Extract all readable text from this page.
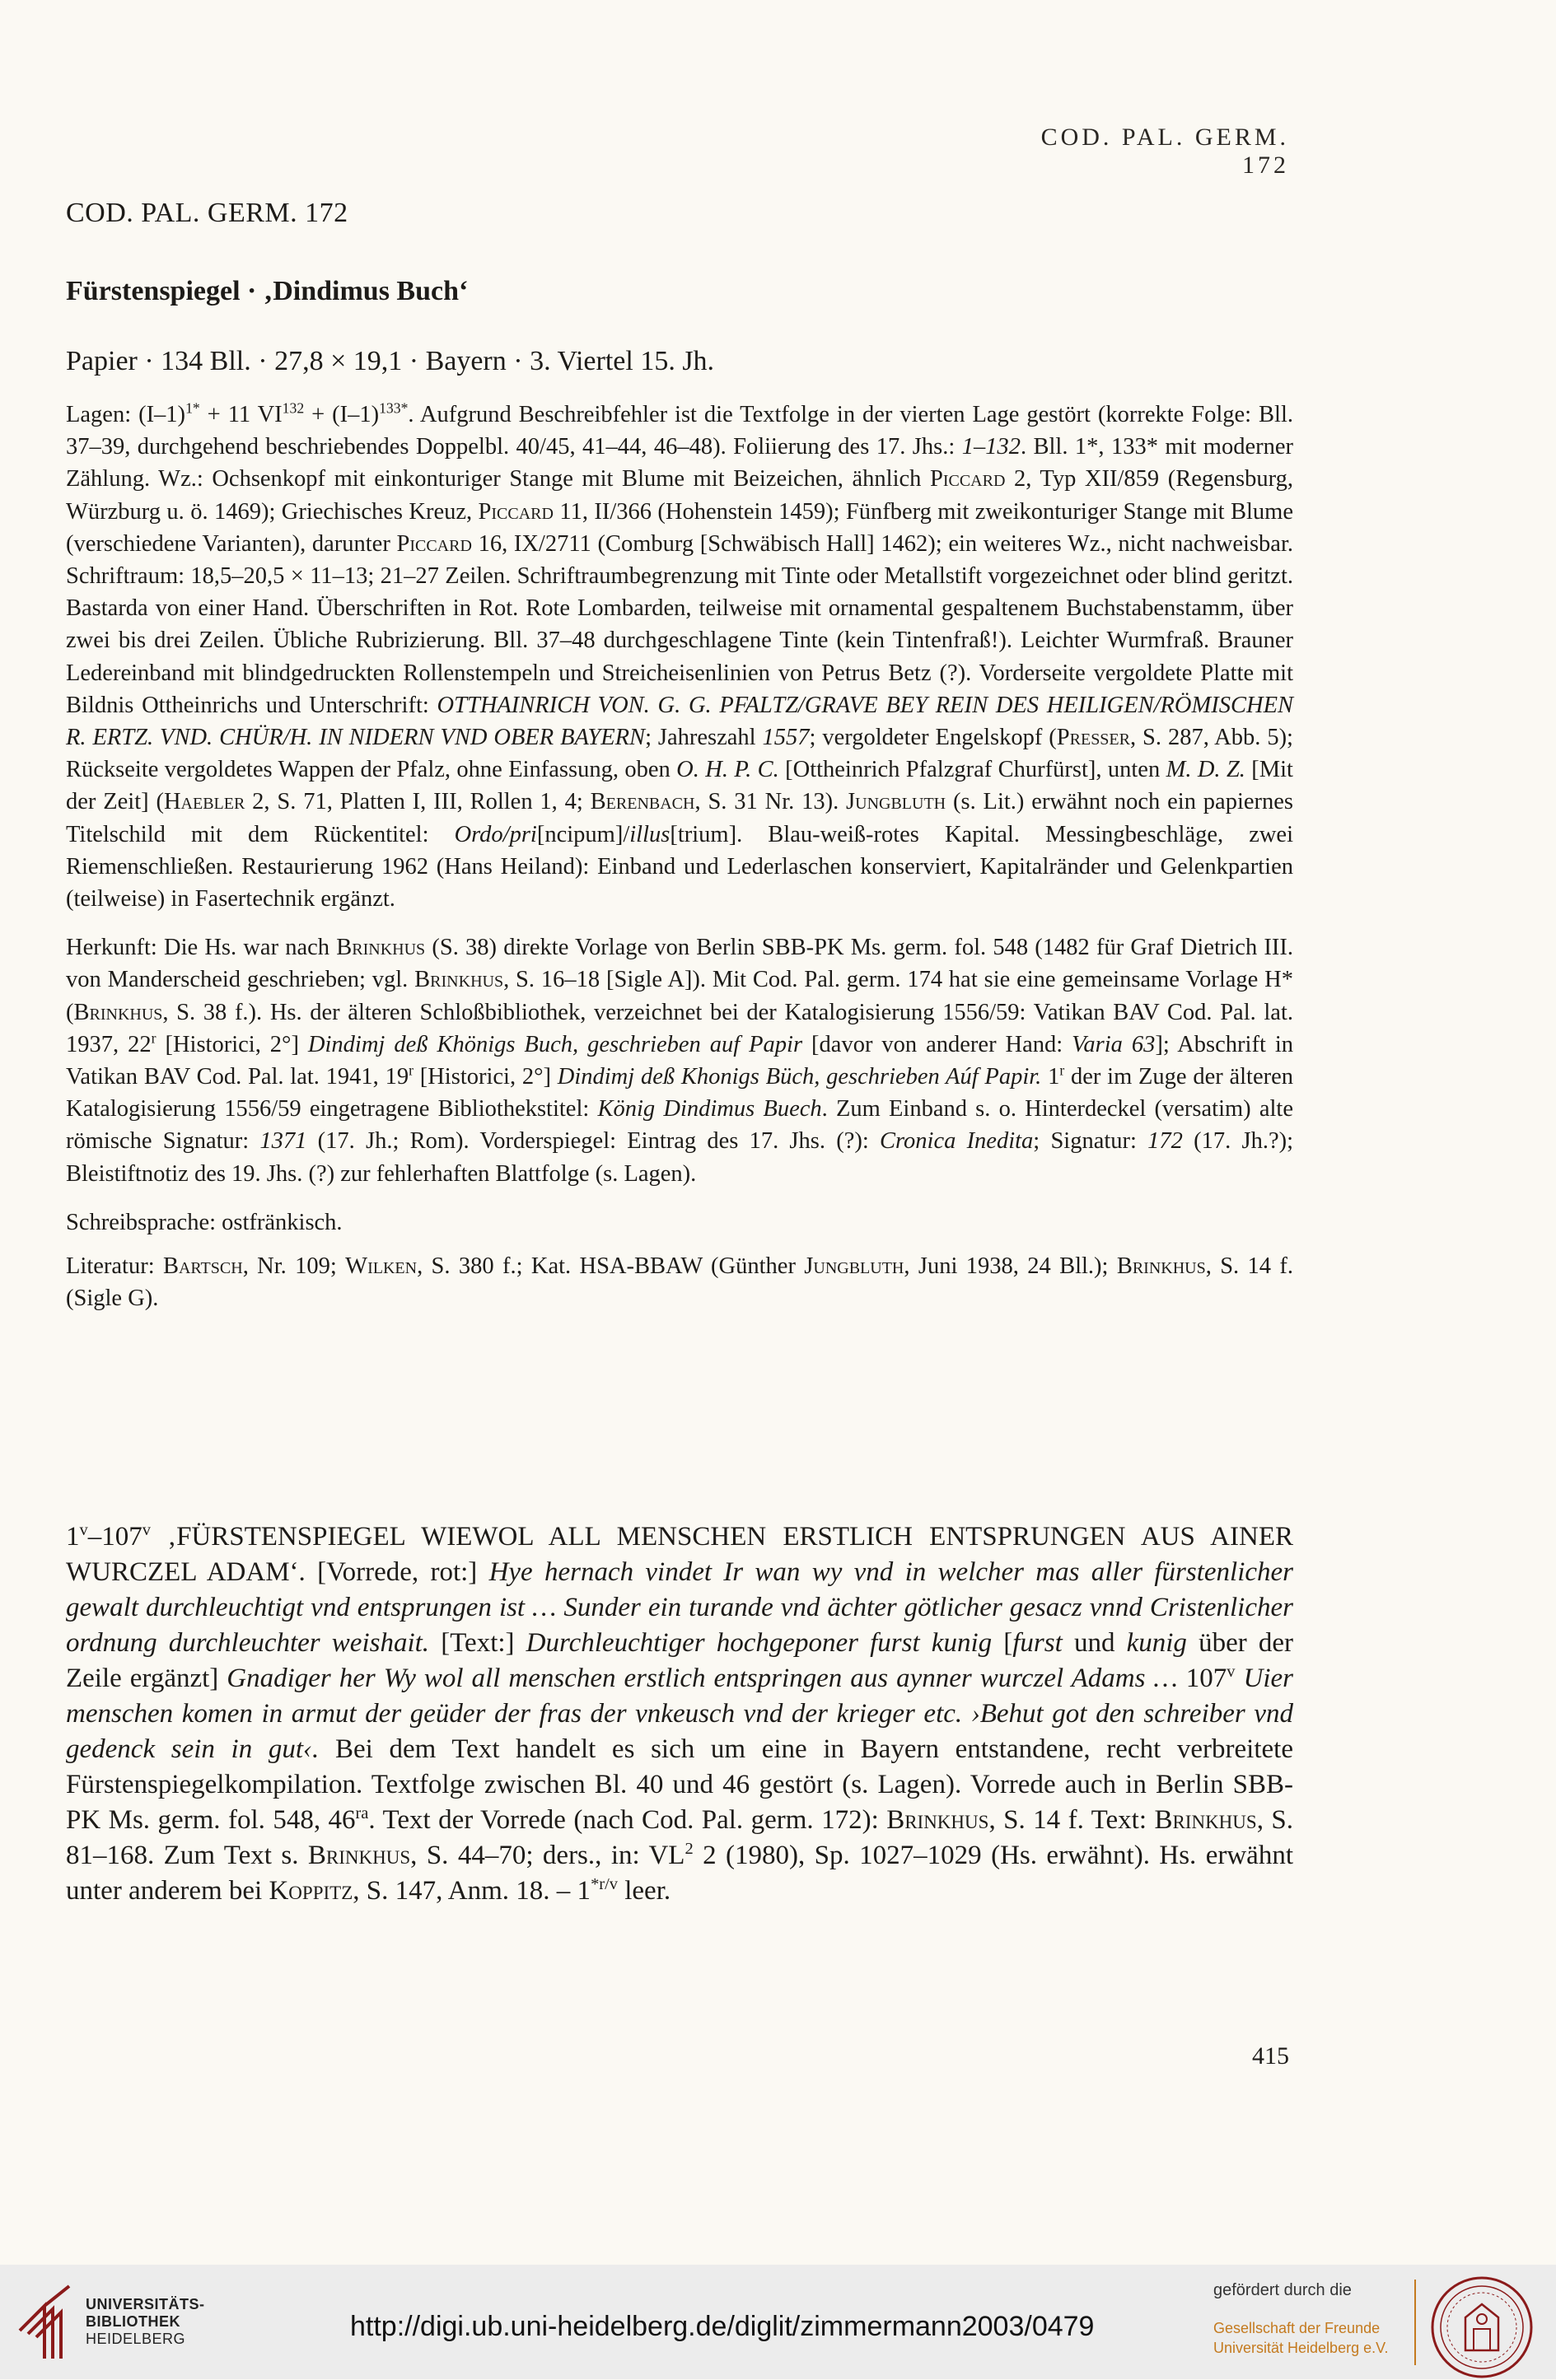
COD. PAL. GERM. 172
COD. PAL. GERM. 172
Fürstenspiegel · ‚Dindimus Buch‘
Papier · 134 Bll. · 27,8 × 19,1 · Bayern · 3. Viertel 15. Jh.

Lagen: $(I-1)^{1*} + 11$ $VI^{132} + (I-1)^{133*}$. Aufgrund Beschreibfehler ist die Textfolge in der vierten Lage gestört (korrekte Folge: Bll. 37–39, durchgehend beschriebendes Doppelbl. 40/45, 41–44, 46–48). Foliierung des 17. Jhs.: 1–132. Bll. 1*, 133* mit moderner Zählung. Wz.: Ochsenkopf mit einkonturiger Stange mit Blume mit Beizeichen, ähnlich Piccard 2, Typ XII/859 (Regensburg, Würzburg u. ö. 1469); Griechisches Kreuz, Piccard 11, II/366 (Hohenstein 1459); Fünfberg mit zweikonturiger Stange mit Blume (verschiedene Varianten), darunter Piccard 16, IX/2711 (Comburg [Schwäbisch Hall] 1462); ein weiteres Wz., nicht nachweisbar. Schriftraum: 18,5–20,5 × 11–13; 21–27 Zeilen. Schriftraumbegrenzung mit Tinte oder Metallstift vorgezeichnet oder blind geritzt. Bastarda von einer Hand. Überschriften in Rot. Rote Lombarden, teilweise mit ornamental gespaltenem Buchstabenstamm, über zwei bis drei Zeilen. Übliche Rubrizierung. Bll. 37–48 durchgeschlagene Tinte (kein Tintenfraß!). Leichter Wurmfraß. Brauner Ledereinband mit blindgedruckten Rollenstempeln und Streicheisenlinien von Petrus Betz (?). Vorderseite vergoldete Platte mit Bildnis Ottheinrichs und Unterschrift: OTTHAINRICH VON. G. G. PFALTZ/GRAVE BEY REIN DES HEILIGEN/RÖMISCHEN R. ERTZ. VND. CHÜR/H. IN NIDERN VND OBER BAYERN; Jahreszahl 1557; vergoldeter Engelskopf (Presser, S. 287, Abb. 5); Rückseite vergoldetes Wappen der Pfalz, ohne Einfassung, oben O. H. P. C. [Ottheinrich Pfalzgraf Churfürst], unten M. D. Z. [Mit der Zeit] (Haebler 2, S. 71, Platten I, III, Rollen 1, 4; Berenbach, S. 31 Nr. 13). Jungbluth (s. Lit.) erwähnt noch ein papiernes Titelschild mit dem Rückentitel: Ordo/pri[ncipum]/illus[trium]. Blau-weiß-rotes Kapital. Messingbeschläge, zwei Riemenschließen. Restaurierung 1962 (Hans Heiland): Einband und Lederlaschen konserviert, Kapitalränder und Gelenkpartien (teilweise) in Fasertechnik ergänzt.

Herkunft: Die Hs. war nach Brinkhus (S. 38) direkte Vorlage von Berlin SBB-PK Ms. germ. fol. 548 (1482 für Graf Dietrich III. von Manderscheid geschrieben; vgl. Brinkhus, S. 16–18 [Sigle A]). Mit Cod. Pal. germ. 174 hat sie eine gemeinsame Vorlage H* (Brinkhus, S. 38 f.). Hs. der älteren Schloßbibliothek, verzeichnet bei der Katalogisierung 1556/59: Vatikan BAV Cod. Pal. lat. 1937, 22$^r$ [Historici, 2°] Dindimj deß Khönigs Buch, geschrieben auf Papir [davor von anderer Hand: Varia 63]; Abschrift in Vatikan BAV Cod. Pal. lat. 1941, 19$^r$ [Historici, 2°] Dindimj deß Khonigs Büch, geschrieben Aúf Papir. 1$^r$ der im Zuge der älteren Katalogisierung 1556/59 eingetragene Bibliothekstitel: König Dindimus Buech. Zum Einband s. o. Hinterdeckel (versatim) alte römische Signatur: 1371 (17. Jh.; Rom). Vorderspiegel: Eintrag des 17. Jhs. (?): Cronica Inedita; Signatur: 172 (17. Jh.?); Bleistiftnotiz des 19. Jhs. (?) zur fehlerhaften Blattfolge (s. Lagen).

Schreibsprache: ostfränkisch.

Literatur: Bartsch, Nr. 109; Wilken, S. 380 f.; Kat. HSA-BBAW (Günther Jungbluth, Juni 1938, 24 Bll.); Brinkhus, S. 14 f. (Sigle G).

1$^v$–107$^v$ ‚FÜRSTENSPIEGEL WIEWOL ALL MENSCHEN ERSTLICH ENTSPRUNGEN AUS AINER WURCZEL ADAM‘. [Vorrede, rot:] Hye hernach vindet Ir wan wy vnd in welcher mas aller fürstenlicher gewalt durchleuchtigt vnd entsprungen ist … Sunder ein turande vnd ächter götlicher gesacz vnnd Cristenlicher ordnung durchleuchter weishait. [Text:] Durchleuchtiger hochgeponer furst kunig [furst und kunig über der Zeile ergänzt] Gnadiger her Wy wol all menschen erstlich entspringen aus aynner wurczel Adams … 107$^v$ Uier menschen komen in armut der geüder der fras der vnkeusch vnd der krieger etc. ›Behut got den schreiber vnd gedenck sein in gut‹. Bei dem Text handelt es sich um eine in Bayern entstandene, recht verbreitete Fürstenspiegelkompilation. Textfolge zwischen Bl. 40 und 46 gestört (s. Lagen). Vorrede auch in Berlin SBB-PK Ms. germ. fol. 548, $46^{ra}$. Text der Vorrede (nach Cod. Pal. germ. 172): Brinkhus, S. 14 f. Text: Brinkhus, S. 81–168. Zum Text s. Brinkhus, S. 44–70; ders., in: $VL^2$ 2 (1980), Sp. 1027–1029 (Hs. erwähnt). Hs. erwähnt unter anderem bei Koppitz, S. 147, Anm. 18. – $1^{*r/v}$ leer.
415
UNIVERSITÄTS-
BIBLIOTHEK
HEIDELBERG	http://digi.ub.uni-heidelberg.de/diglit/zimmermann2003/0479
gefördert durch die
Gesellschaft der Freunde
Universität Heidelberg e.V.
